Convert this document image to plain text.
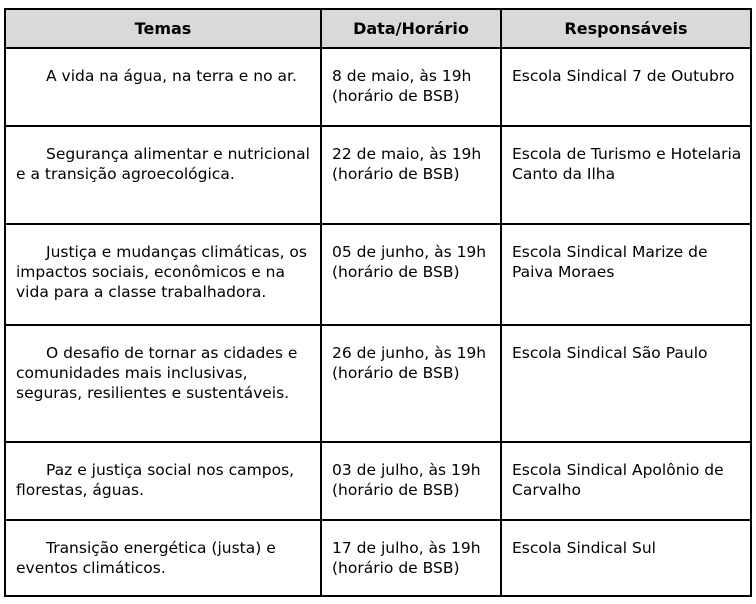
Temas	Data/Horário	Responsáveis

A vida na água, na terra e no ar.	8 de maio, às 19h (horário de BSB)	Escola Sindical 7 de Outubro

Segurança alimentar e nutricional e a transição agroecológica.	22 de maio, às 19h (horário de BSB)	Escola de Turismo e Hotelaria Canto da Ilha

Justiça e mudanças climáticas, os impactos sociais, econômicos e na vida para a classe trabalhadora.	05 de junho, às 19h (horário de BSB)	Escola Sindical Marize de Paiva Moraes

O desafio de tornar as cidades e comunidades mais inclusivas, seguras, resilientes e sustentáveis.	26 de junho, às 19h (horário de BSB)	Escola Sindical São Paulo

Paz e justiça social nos campos, florestas, águas.	03 de julho, às 19h (horário de BSB)	Escola Sindical Apolônio de Carvalho

Transição energética (justa) e eventos climáticos.	17 de julho, às 19h (horário de BSB)	Escola Sindical Sul
